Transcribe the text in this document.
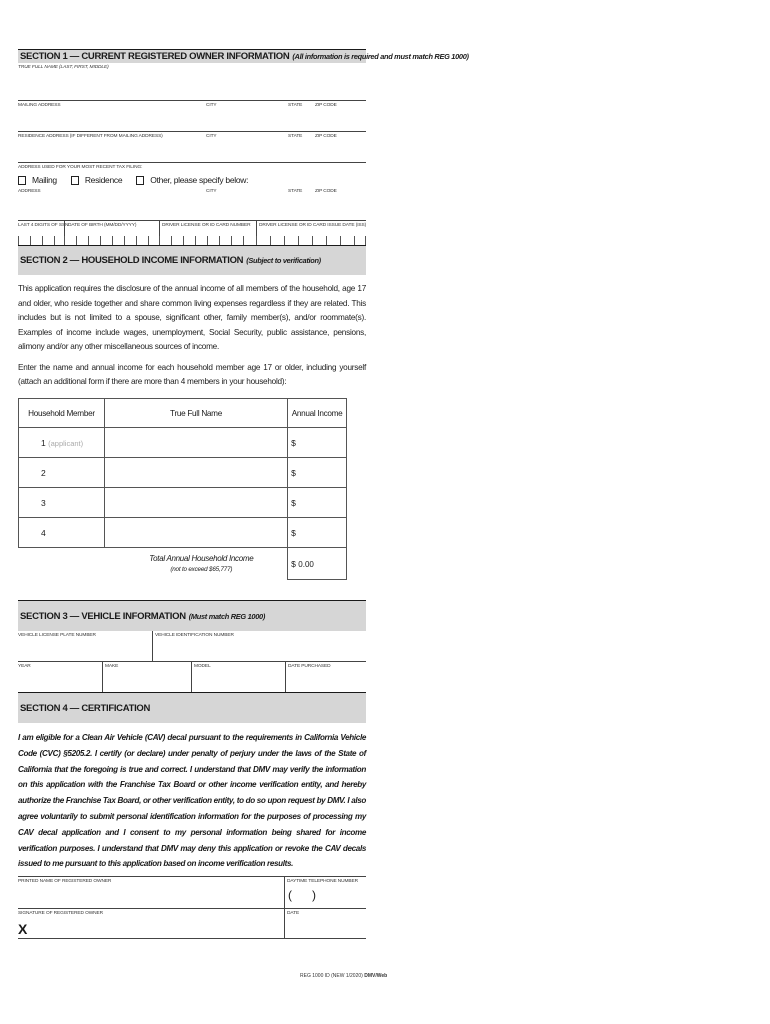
SECTION 1 — CURRENT REGISTERED OWNER INFORMATION (All information is required and must match REG 1000)
TRUE FULL NAME (LAST, FIRST, MIDDLE)
MAILING ADDRESS	CITY	STATE	ZIP CODE
RESIDENCE ADDRESS (IF DIFFERENT FROM MAILING ADDRESS)	CITY	STATE	ZIP CODE
ADDRESS USED FOR YOUR MOST RECENT TAX FILING:
Mailing	Residence	Other, please specify below:
ADDRESS	CITY	STATE	ZIP CODE
LAST 4 DIGITS OF SSN DATE OF BIRTH (MM/DD/YYYY)	DRIVER LICENSE OR ID CARD NUMBER DRIVER LICENSE OR ID CARD ISSUE DATE (ISS)
SECTION 2 — HOUSEHOLD INCOME INFORMATION (Subject to verification)

This application requires the disclosure of the annual income of all members of the household, age 17 and older, who reside together and share common living expenses regardless if they are related. This includes but is not limited to a spouse, significant other, family member(s), and/or roommate(s). Examples of income include wages, unemployment, Social Security, public assistance, pensions, alimony and/or any other miscellaneous sources of income.

Enter the name and annual income for each household member age 17 or older, including yourself (attach an additional form if there are more than 4 members in your household):

Household Member	True Full Name	Annual Income
1 (applicant)		$
2		$
3		$
4		$

Total Annual Household Income
(not to exceed $65,777)		$ 0.00
SECTION 3 — VEHICLE INFORMATION (Must match REG 1000)
VEHICLE LICENSE PLATE NUMBER	VEHICLE IDENTIFICATION NUMBER
YEAR	MAKE	MODEL	DATE PURCHASED
SECTION 4 — CERTIFICATION

I am eligible for a Clean Air Vehicle (CAV) decal pursuant to the requirements in California Vehicle Code (CVC) §5205.2. I certify (or declare) under penalty of perjury under the laws of the State of California that the foregoing is true and correct. I understand that DMV may verify the information on this application with the Franchise Tax Board or other income verification entity, and hereby authorize the Franchise Tax Board, or other verification entity, to do so upon request by DMV. I also agree voluntarily to submit personal identification information for the purposes of processing my CAV decal application and I consent to my personal information being shared for income verification purposes. I understand that DMV may deny this application or revoke the CAV decals issued to me pursuant to this application based on income verification results.

PRINTED NAME OF REGISTERED OWNER	DAYTIME TELEPHONE NUMBER
(      )
SIGNATURE OF REGISTERED OWNER
X
DATE
REG 1000 ID (NEW 1/2020) DMV/Web
